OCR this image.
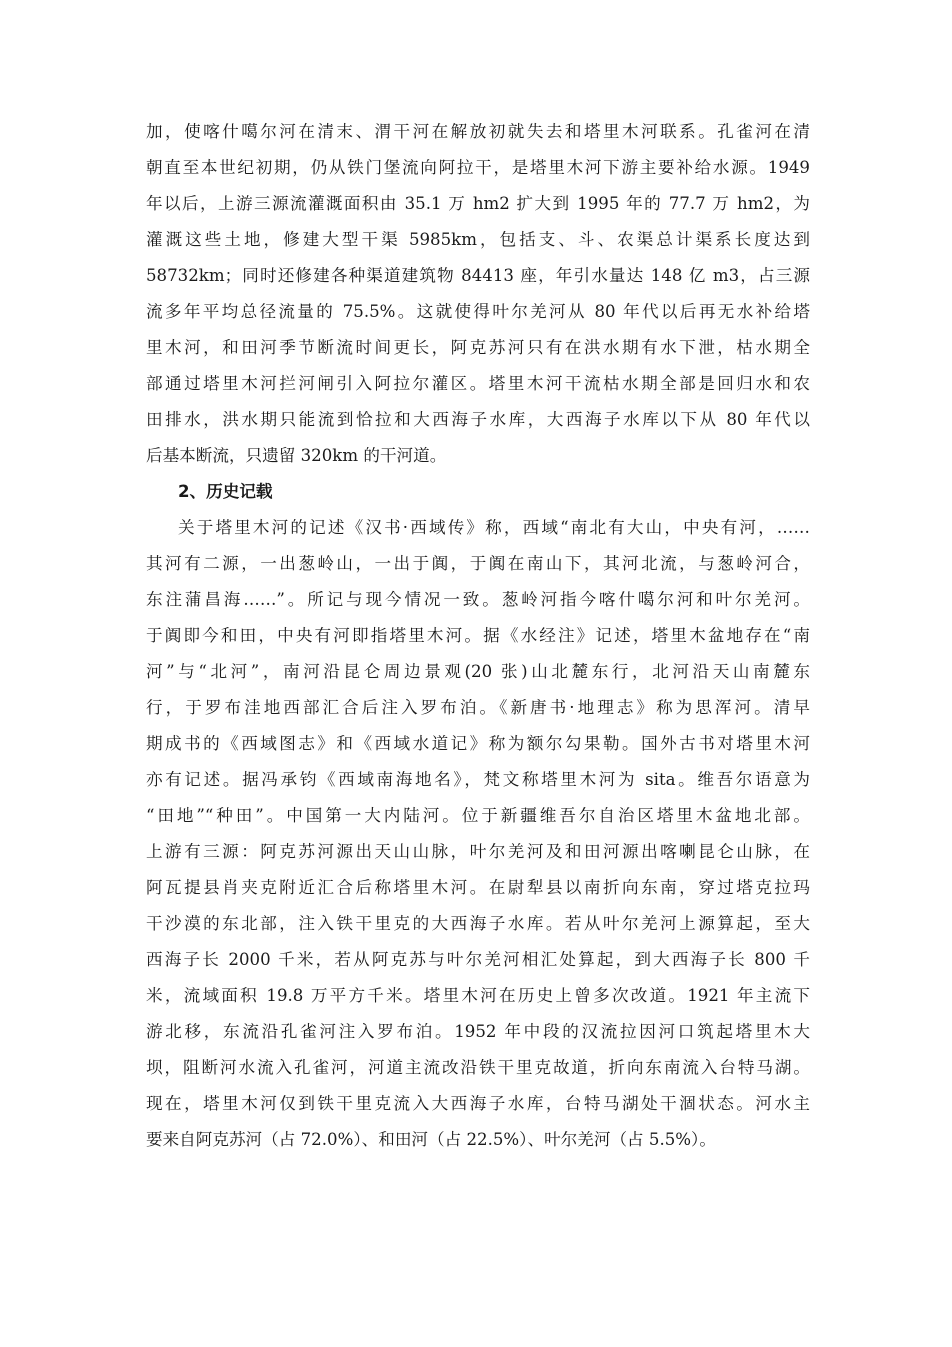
加，使喀什噶尔河在清末、渭干河在解放初就失去和塔里木河联系。孔雀河在清
朝直至本世纪初期，仍从铁门堡流向阿拉干，是塔里木河下游主要补给水源。1949
年以后，上游三源流灌溉面积由 35.1 万 hm2 扩大到 1995 年的 77.7 万 hm2，为
灌溉这些土地，修建大型干渠 5985km，包括支、斗、农渠总计渠系长度达到
58732km；同时还修建各种渠道建筑物 84413 座，年引水量达 148 亿 m3，占三源
流多年平均总径流量的 75.5%。这就使得叶尔羌河从 80 年代以后再无水补给塔
里木河，和田河季节断流时间更长，阿克苏河只有在洪水期有水下泄，枯水期全
部通过塔里木河拦河闸引入阿拉尔灌区。塔里木河干流枯水期全部是回归水和农
田排水，洪水期只能流到恰拉和大西海子水库，大西海子水库以下从 80 年代以
后基本断流，只遗留 320km 的干河道。
2、历史记载
关于塔里木河的记述《汉书·西域传》称，西域“南北有大山，中央有河，……
其河有二源，一出葱岭山，一出于阗，于阗在南山下，其河北流，与葱岭河合，
东注蒲昌海……”。所记与现今情况一致。葱岭河指今喀什噶尔河和叶尔羌河。
于阗即今和田，中央有河即指塔里木河。据《水经注》记述，塔里木盆地存在“南
河”与“北河”，南河沿昆仑周边景观(20 张)山北麓东行，北河沿天山南麓东
行，于罗布洼地西部汇合后注入罗布泊。《新唐书·地理志》称为思浑河。清早
期成书的《西域图志》和《西域水道记》称为额尔勾果勒。国外古书对塔里木河
亦有记述。据冯承钧《西域南海地名》，梵文称塔里木河为 sita。维吾尔语意为
“田地”“种田”。中国第一大内陆河。位于新疆维吾尔自治区塔里木盆地北部。
上游有三源：阿克苏河源出天山山脉，叶尔羌河及和田河源出喀喇昆仑山脉，在
阿瓦提县肖夹克附近汇合后称塔里木河。在尉犁县以南折向东南，穿过塔克拉玛
干沙漠的东北部，注入铁干里克的大西海子水库。若从叶尔羌河上源算起，至大
西海子长 2000 千米，若从阿克苏与叶尔羌河相汇处算起，到大西海子长 800 千
米，流域面积 19.8 万平方千米。塔里木河在历史上曾多次改道。1921 年主流下
游北移，东流沿孔雀河注入罗布泊。1952 年中段的汉流拉因河口筑起塔里木大
坝，阻断河水流入孔雀河，河道主流改沿铁干里克故道，折向东南流入台特马湖。
现在，塔里木河仅到铁干里克流入大西海子水库，台特马湖处干涸状态。河水主
要来自阿克苏河（占 72.0%）、和田河（占 22.5%）、叶尔羌河（占 5.5%）。
